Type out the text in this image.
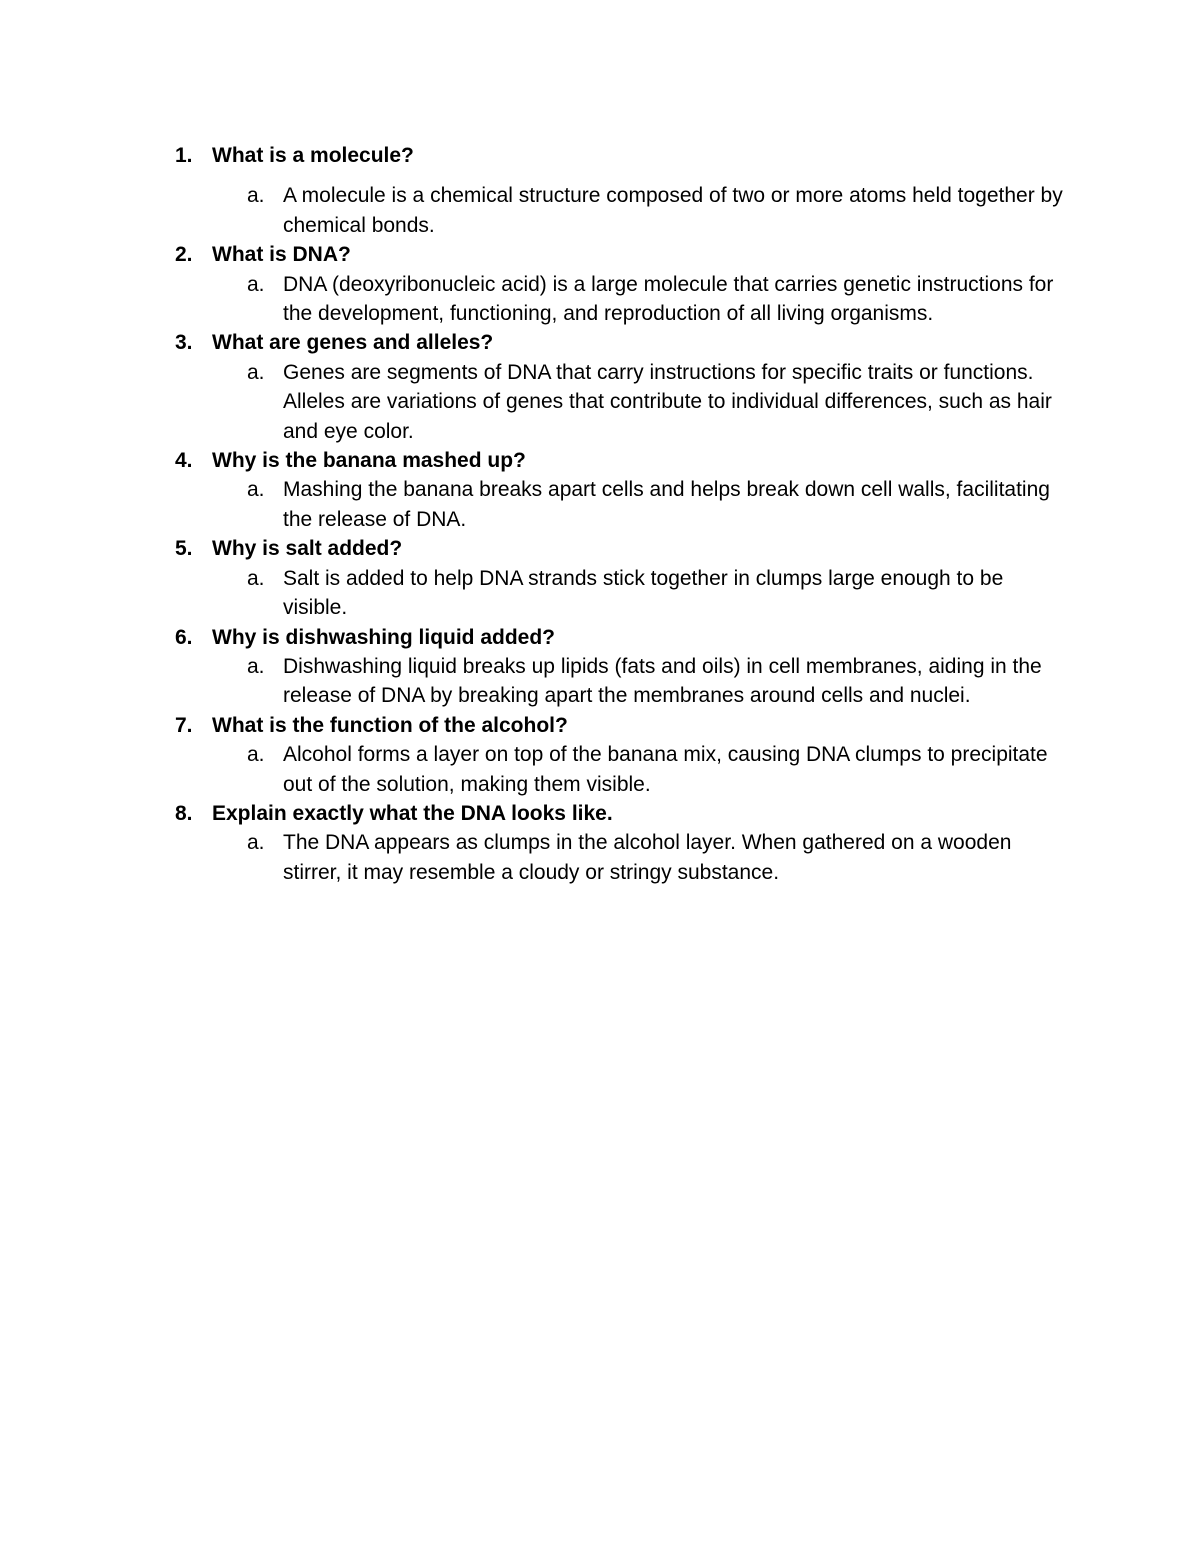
1. What is a molecule?
a. A molecule is a chemical structure composed of two or more atoms held together by chemical bonds.
2. What is DNA?
a. DNA (deoxyribonucleic acid) is a large molecule that carries genetic instructions for the development, functioning, and reproduction of all living organisms.
3. What are genes and alleles?
a. Genes are segments of DNA that carry instructions for specific traits or functions. Alleles are variations of genes that contribute to individual differences, such as hair and eye color.
4. Why is the banana mashed up?
a. Mashing the banana breaks apart cells and helps break down cell walls, facilitating the release of DNA.
5. Why is salt added?
a. Salt is added to help DNA strands stick together in clumps large enough to be visible.
6. Why is dishwashing liquid added?
a. Dishwashing liquid breaks up lipids (fats and oils) in cell membranes, aiding in the release of DNA by breaking apart the membranes around cells and nuclei.
7. What is the function of the alcohol?
a. Alcohol forms a layer on top of the banana mix, causing DNA clumps to precipitate out of the solution, making them visible.
8. Explain exactly what the DNA looks like.
a. The DNA appears as clumps in the alcohol layer. When gathered on a wooden stirrer, it may resemble a cloudy or stringy substance.
